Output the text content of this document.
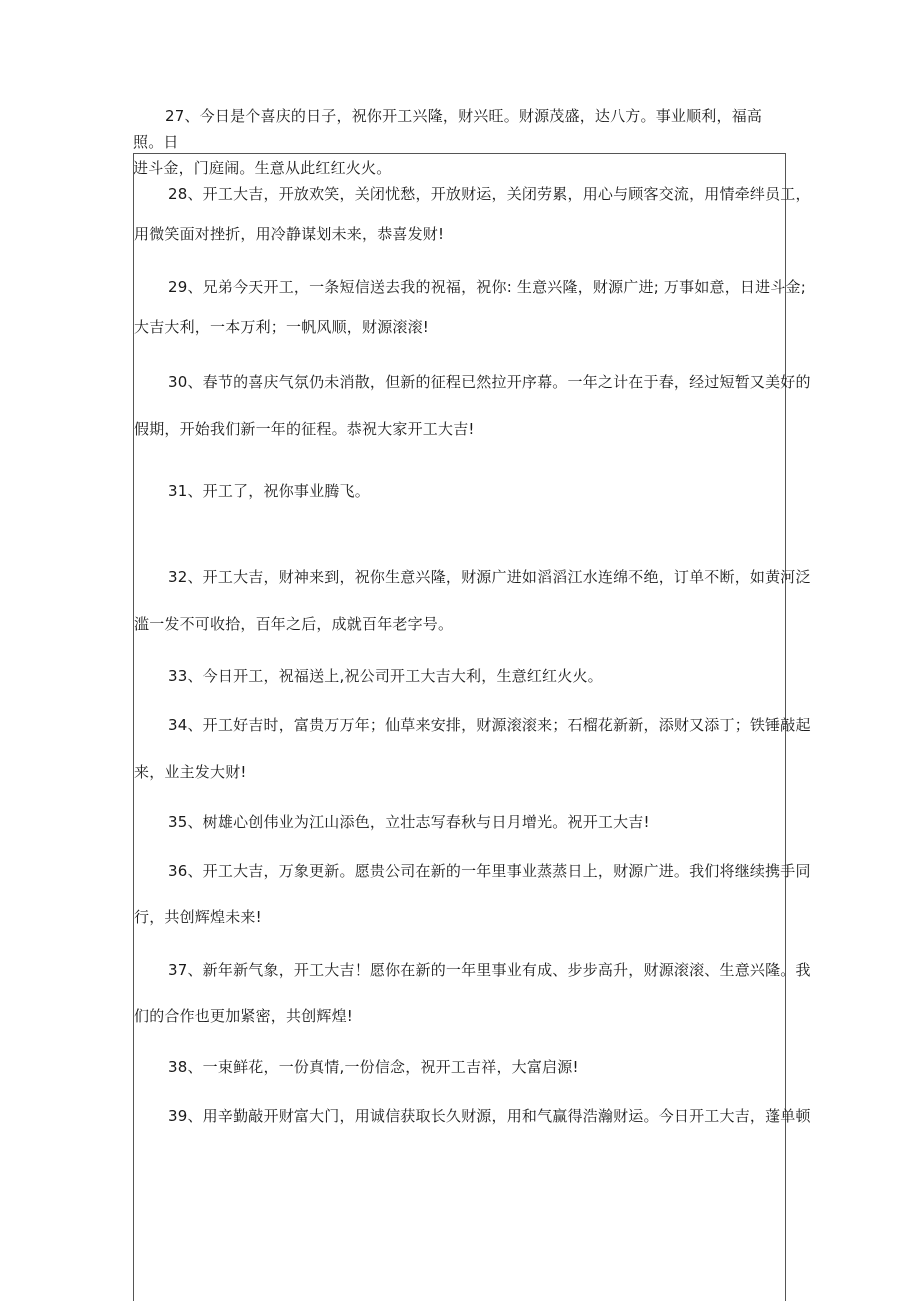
27、今日是个喜庆的日子，祝你开工兴隆，财兴旺。财源茂盛，达八方。事业顺利，福高照。日

进斗金，门庭闹。生意从此红红火火。
28、开工大吉，开放欢笑，关闭忧愁，开放财运，关闭劳累，用心与顾客交流，用情牵绊员工，
用微笑面对挫折，用冷静谋划未来，恭喜发财!
29、兄弟今天开工，一条短信送去我的祝福，祝你: 生意兴隆，财源广进; 万事如意，日进斗金;
大吉大利，一本万利；一帆风顺，财源滚滚!
30、春节的喜庆气氛仍未消散，但新的征程已然拉开序幕。一年之计在于春，经过短暂又美好的
假期，开始我们新一年的征程。恭祝大家开工大吉!
31、开工了，祝你事业腾飞。
32、开工大吉，财神来到，祝你生意兴隆，财源广进如滔滔江水连绵不绝，订单不断，如黄河泛
滥一发不可收拾，百年之后，成就百年老字号。
33、今日开工，祝福送上,祝公司开工大吉大利，生意红红火火。
34、开工好吉时，富贵万万年；仙草来安排，财源滚滚来；石榴花新新，添财又添丁；铁锤敲起
来，业主发大财!
35、树雄心创伟业为江山添色，立壮志写春秋与日月增光。祝开工大吉!
36、开工大吉，万象更新。愿贵公司在新的一年里事业蒸蒸日上，财源广进。我们将继续携手同
行，共创辉煌未来!
37、新年新气象，开工大吉！愿你在新的一年里事业有成、步步高升，财源滚滚、生意兴隆。我
们的合作也更加紧密，共创辉煌!
38、一束鲜花，一份真情,一份信念，祝开工吉祥，大富启源!
39、用辛勤敲开财富大门，用诚信获取长久财源，用和气赢得浩瀚财运。今日开工大吉，蓬单顿
